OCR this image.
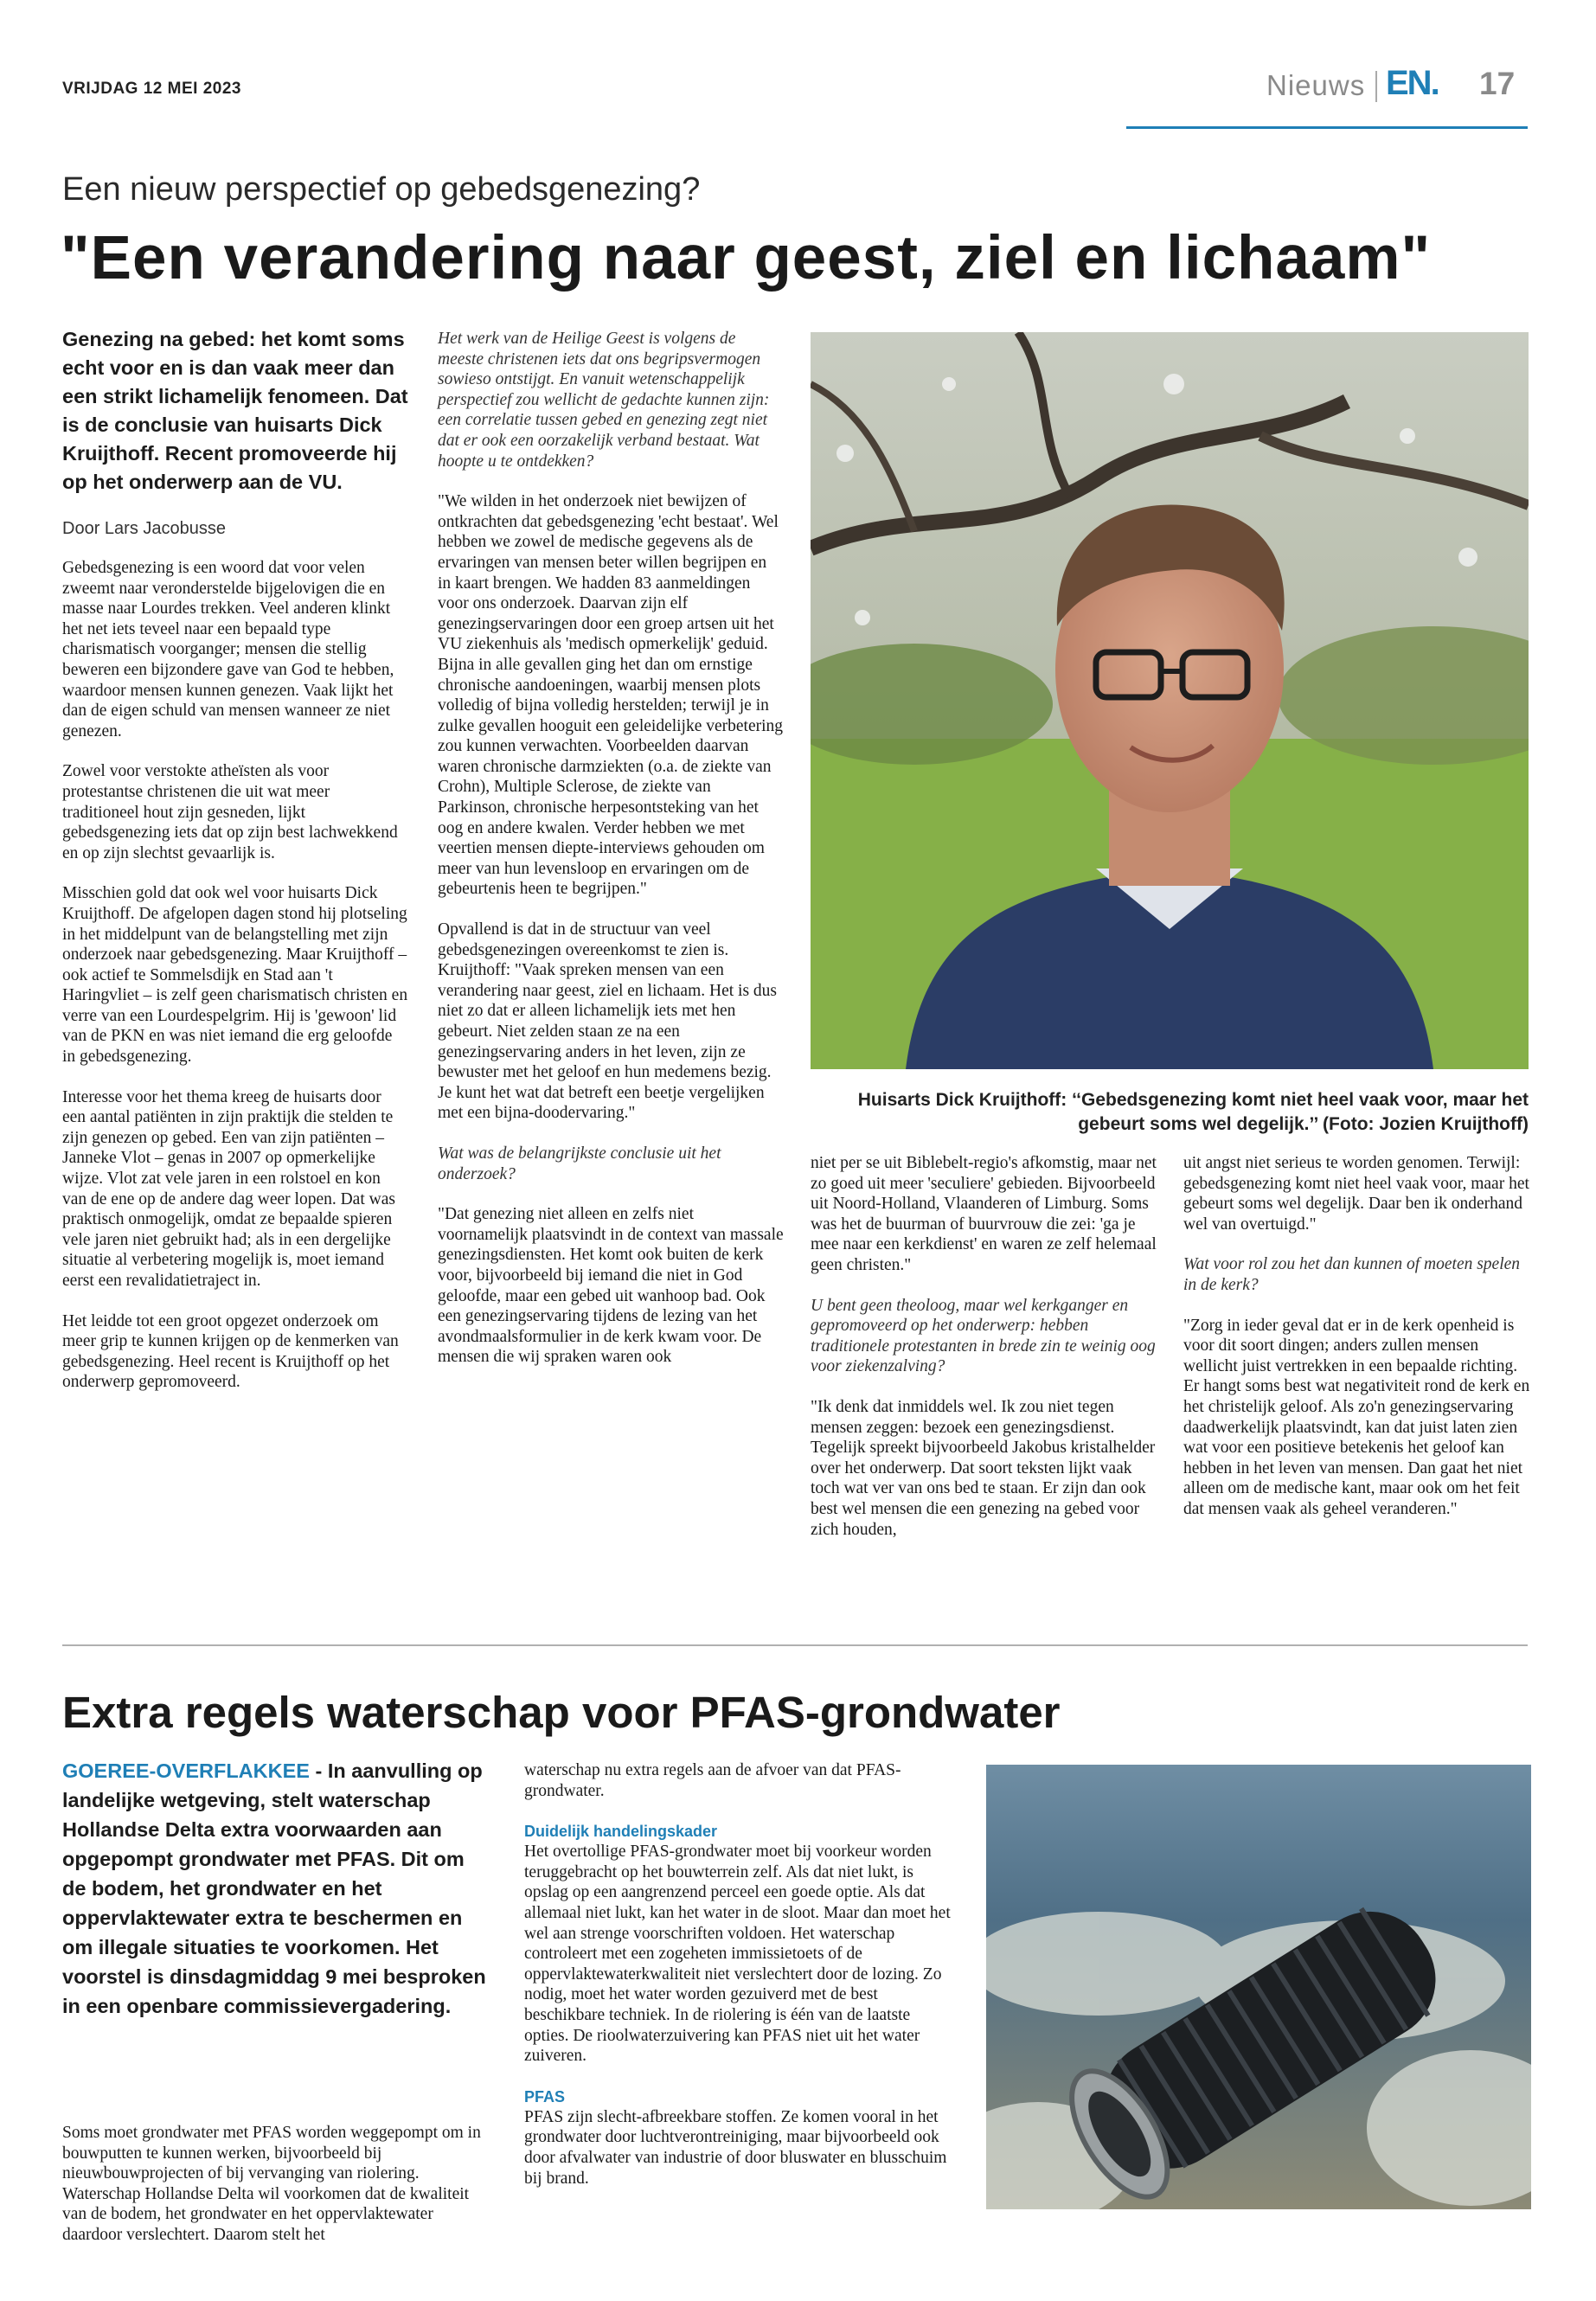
VRIJDAG 12 MEI 2023	Nieuws EN. 17
Een nieuw perspectief op gebedsgenezing?
"Een verandering naar geest, ziel en lichaam"
Genezing na gebed: het komt soms echt voor en is dan vaak meer dan een strikt lichamelijk fenomeen. Dat is de conclusie van huisarts Dick Kruijthoff. Recent promoveerde hij op het onderwerp aan de VU.
Door Lars Jacobusse

Gebedsgenezing is een woord dat voor velen zweemt naar veronderstelde bijgelovigen die en masse naar Lourdes trekken. Veel anderen klinkt het net iets teveel naar een bepaald type charismatisch voorganger; mensen die stellig beweren een bijzondere gave van God te hebben, waardoor mensen kunnen genezen. Vaak lijkt het dan de eigen schuld van mensen wanneer ze niet genezen.

Zowel voor verstokte atheïsten als voor protestantse christenen die uit wat meer traditioneel hout zijn gesneden, lijkt gebedsgenezing iets dat op zijn best lachwekkend en op zijn slechtst gevaarlijk is.

Misschien gold dat ook wel voor huisarts Dick Kruijthoff. De afgelopen dagen stond hij plotseling in het middelpunt van de belangstelling met zijn onderzoek naar gebedsgenezing. Maar Kruijthoff – ook actief te Sommelsdijk en Stad aan 't Haringvliet – is zelf geen charismatisch christen en verre van een Lourdespelgrim. Hij is 'gewoon' lid van de PKN en was niet iemand die erg geloofde in gebedsgenezing.

Interesse voor het thema kreeg de huisarts door een aantal patiënten in zijn praktijk die stelden te zijn genezen op gebed. Een van zijn patiënten – Janneke Vlot – genas in 2007 op opmerkelijke wijze. Vlot zat vele jaren in een rolstoel en kon van de ene op de andere dag weer lopen. Dat was praktisch onmogelijk, omdat ze bepaalde spieren vele jaren niet gebruikt had; als in een dergelijke situatie al verbetering mogelijk is, moet iemand eerst een revalidatietraject in.

Het leidde tot een groot opgezet onderzoek om meer grip te kunnen krijgen op de kenmerken van gebedsgenezing. Heel recent is Kruijthoff op het onderwerp gepromoveerd.

Het werk van de Heilige Geest is volgens de meeste christenen iets dat ons begripsvermogen sowieso ontstijgt. En vanuit wetenschappelijk perspectief zou wellicht de gedachte kunnen zijn: een correlatie tussen gebed en genezing zegt niet dat er ook een oorzakelijk verband bestaat. Wat hoopte u te ontdekken?

"We wilden in het onderzoek niet bewijzen of ontkrachten dat gebedsgenezing 'echt bestaat'. Wel hebben we zowel de medische gegevens als de ervaringen van mensen beter willen begrijpen en in kaart brengen. We hadden 83 aanmeldingen voor ons onderzoek. Daarvan zijn elf genezingservaringen door een groep artsen uit het VU ziekenhuis als 'medisch opmerkelijk' geduid. Bijna in alle gevallen ging het dan om ernstige chronische aandoeningen, waarbij mensen plots volledig of bijna volledig herstelden; terwijl je in zulke gevallen hooguit een geleidelijke verbetering zou kunnen verwachten. Voorbeelden daarvan waren chronische darmziekten (o.a. de ziekte van Crohn), Multiple Sclerose, de ziekte van Parkinson, chronische herpesontsteking van het oog en andere kwalen. Verder hebben we met veertien mensen diepte-interviews gehouden om meer van hun levensloop en ervaringen om de gebeurtenis heen te begrijpen."

Opvallend is dat in de structuur van veel gebedsgenezingen overeenkomst te zien is. Kruijthoff: "Vaak spreken mensen van een verandering naar geest, ziel en lichaam. Het is dus niet zo dat er alleen lichamelijk iets met hen gebeurt. Niet zelden staan ze na een genezingservaring anders in het leven, zijn ze bewuster met het geloof en hun medemens bezig. Je kunt het wat dat betreft een beetje vergelijken met een bijna-doodervaring."

Wat was de belangrijkste conclusie uit het onderzoek?

"Dat genezing niet alleen en zelfs niet voornamelijk plaatsvindt in de context van massale genezingsdiensten. Het komt ook buiten de kerk voor, bijvoorbeeld bij iemand die niet in God geloofde, maar een gebed uit wanhoop bad. Ook een genezingservaring tijdens de lezing van het avondmaalsformulier in de kerk kwam voor. De mensen die wij spraken waren ook

Huisarts Dick Kruijthoff: ‘‘Gebedsgenezing komt niet heel vaak voor, maar het gebeurt soms wel degelijk.’’ (Foto: Jozien Kruijthoff)

niet per se uit Biblebelt-regio's afkomstig, maar net zo goed uit meer 'seculiere' gebieden. Bijvoorbeeld uit Noord-Holland, Vlaanderen of Limburg. Soms was het de buurman of buurvrouw die zei: 'ga je mee naar een kerkdienst' en waren ze zelf helemaal geen christen."

U bent geen theoloog, maar wel kerkganger en gepromoveerd op het onderwerp: hebben traditionele protestanten in brede zin te weinig oog voor ziekenzalving?

"Ik denk dat inmiddels wel. Ik zou niet tegen mensen zeggen: bezoek een genezingsdienst. Tegelijk spreekt bijvoorbeeld Jakobus kristalhelder over het onderwerp. Dat soort teksten lijkt vaak toch wat ver van ons bed te staan. Er zijn dan ook best wel mensen die een genezing na gebed voor zich houden,

uit angst niet serieus te worden genomen. Terwijl: gebedsgenezing komt niet heel vaak voor, maar het gebeurt soms wel degelijk. Daar ben ik onderhand wel van overtuigd."

Wat voor rol zou het dan kunnen of moeten spelen in de kerk?

"Zorg in ieder geval dat er in de kerk openheid is voor dit soort dingen; anders zullen mensen wellicht juist vertrekken in een bepaalde richting. Er hangt soms best wat negativiteit rond de kerk en het christelijk geloof. Als zo'n genezingservaring daadwerkelijk plaatsvindt, kan dat juist laten zien wat voor een positieve betekenis het geloof kan hebben in het leven van mensen. Dan gaat het niet alleen om de medische kant, maar ook om het feit dat mensen vaak als geheel veranderen."

Extra regels waterschap voor PFAS-grondwater
GOEREE-OVERFLAKKEE - In aanvulling op landelijke wetgeving, stelt waterschap Hollandse Delta extra voorwaarden aan opgepompt grondwater met PFAS. Dit om de bodem, het grondwater en het oppervlaktewater extra te beschermen en om illegale situaties te voorkomen. Het voorstel is dinsdagmiddag 9 mei besproken in een openbare commissievergadering.

Soms moet grondwater met PFAS worden weggepompt om in bouwputten te kunnen werken, bijvoorbeeld bij nieuwbouwprojecten of bij vervanging van riolering. Waterschap Hollandse Delta wil voorkomen dat de kwaliteit van de bodem, het grondwater en het oppervlaktewater daardoor verslechtert. Daarom stelt het

waterschap nu extra regels aan de afvoer van dat PFAS-grondwater.

Duidelijk handelingskader

Het overtollige PFAS-grondwater moet bij voorkeur worden teruggebracht op het bouwterrein zelf. Als dat niet lukt, is opslag op een aangrenzend perceel een goede optie. Als dat allemaal niet lukt, kan het water in de sloot. Maar dan moet het wel aan strenge voorschriften voldoen. Het waterschap controleert met een zogeheten immissietoets of de oppervlaktewaterkwaliteit niet verslechtert door de lozing. Zo nodig, moet het water worden gezuiverd met de best beschikbare techniek. In de riolering is één van de laatste opties. De rioolwaterzuivering kan PFAS niet uit het water zuiveren.

PFAS

PFAS zijn slecht-afbreekbare stoffen. Ze komen vooral in het grondwater door luchtverontreiniging, maar bijvoorbeeld ook door afvalwater van industrie of door bluswater en blusschuim bij brand.
